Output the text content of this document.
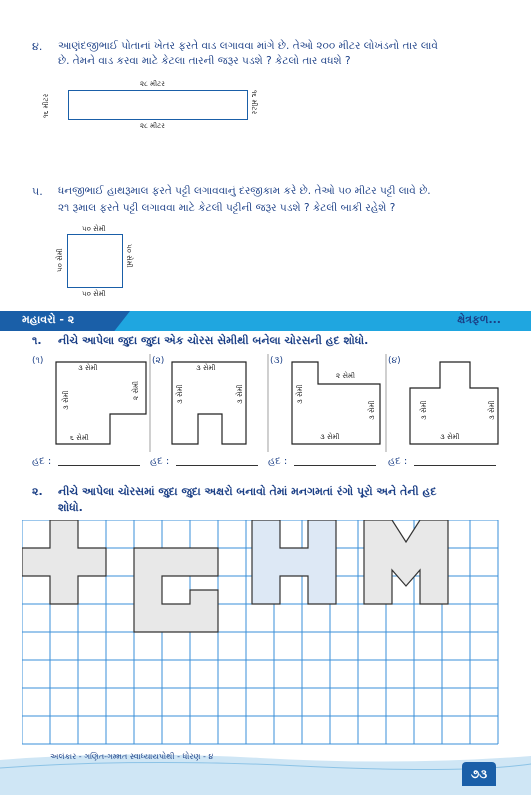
૪. આણંદજીભાઈ પોતાનાં ખેતર ફરતે વાડ લગાવવા માંગે છે. તેઓ ૨૦૦ મીટર લોખંડનો તાર લાવે
છે. તેમને વાડ કરવા માટે કેટલા તારની જરૂર પડશે ? કેટલો તાર વધશે ?
૨૮ મીટર
૨૮ મીટર
૧૬ મીટર	૧૬ મીટર
૫. ધનજીભાઈ હાથરૂમાલ ફરતે પટ્ટી લગાવવાનું દરજીકામ કરે છે. તેઓ ૫૦ મીટર પટ્ટી લાવે છે.
૨૧ રૂમાલ ફરતે પટ્ટી લગાવવા માટે કેટલી પટ્ટીની જરૂર પડશે ? કેટલી બાકી રહેશે ?
૫૦ સેમી
૫૦ સેમી
૫૦ સેમી	૫૦ સેમી
મહાવરો - ૨	ક્ષેત્રફળ...
૧. નીચે આપેલા જુદા જુદા એક ચોરસ સેમીથી બનેલા ચોરસની હદ શોધો.
(૧)
૩ સેમી
૩ સેમી	૨ સેમી
૬ સેમી
(૨)
૩ સેમી
૩ સેમી	૩ સેમી
(૩)
૩ સેમી
૨ સેમી
૩ સેમી
૩ સેમી
(૪)
૩ સેમી	૩ સેમી
૩ સેમી
હદ :	હદ :	હદ :	હદ :
૨. નીચે આપેલા ચોરસમાં જુદા જુદા અક્ષરો બનાવો તેમાં મનગમતાં રંગો પૂરો અને તેની હદ
શોધો.
અલંકાર - ગણિત-ગમ્મત સ્વાધ્યાયપોથી - ધોરણ - ૪
૭૩
